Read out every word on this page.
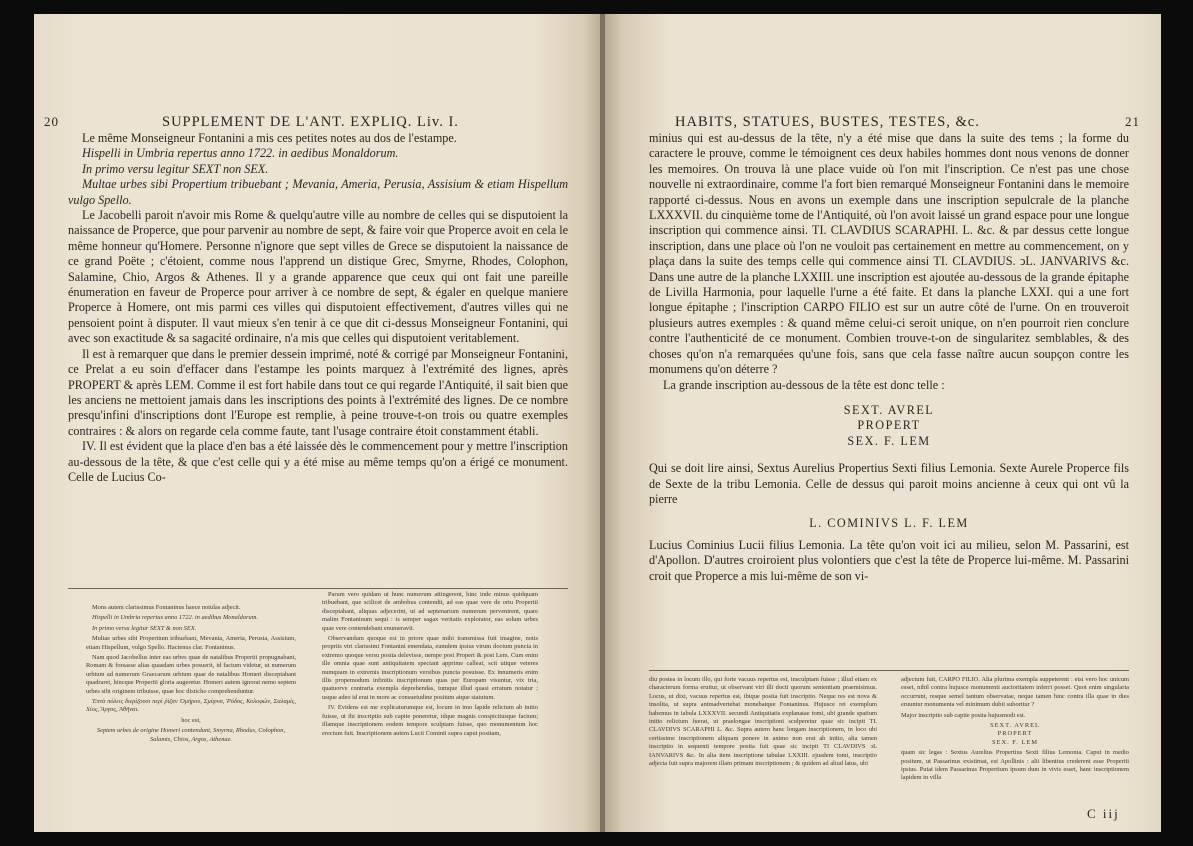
20	SUPPLEMENT DE L'ANT. EXPLIQ. Liv. I.

Le même Monseigneur Fontanini a mis ces petites notes au dos de l'estampe.

Hispelli in Umbria repertus anno 1722. in aedibus Monaldorum.

In primo versu legitur SEXT non SEX.

Multae urbes sibi Propertium tribuebant ; Mevania, Ameria, Perusia, Assisium & etiam Hispellum vulgo Spello.

Le Jacobelli paroit n'avoir mis Rome & quelqu'autre ville au nombre de celles qui se disputoient la naissance de Properce, que pour parvenir au nombre de sept, & faire voir que Properce avoit en cela le même honneur qu'Homere. Personne n'ignore que sept villes de Grece se disputoient la naissance de ce grand Poëte ; c'étoient, comme nous l'apprend un distique Grec, Smyrne, Rhodes, Colophon, Salamine, Chio, Argos & Athenes. Il y a grande apparence que ceux qui ont fait une pareille énumeration en faveur de Properce pour arriver à ce nombre de sept, & égaler en quelque maniere Properce à Homere, ont mis parmi ces villes qui disputoient effectivement, d'autres villes qui ne pensoient point à disputer. Il vaut mieux s'en tenir à ce que dit ci-dessus Monseigneur Fontanini, qui avec son exactitude & sa sagacité ordinaire, n'a mis que celles qui disputoient veritablement.

Il est à remarquer que dans le premier dessein imprimé, noté & corrigé par Monseigneur Fontanini, ce Prelat a eu soin d'effacer dans l'estampe les points marquez à l'extrémité des lignes, après PROPERT & après LEM. Comme il est fort habile dans tout ce qui regarde l'Antiquité, il sait bien que les anciens ne mettoient jamais dans les inscriptions des points à l'extrémité des lignes. De ce nombre presqu'infini d'inscriptions dont l'Europe est remplie, à peine trouve-t-on trois ou quatre exemples contraires : & alors on regarde cela comme faute, tant l'usage contraire étoit constamment établi.

IV. Il est évident que la place d'en bas a été laissée dès le commencement pour y mettre l'inscription au-dessous de la tête, & que c'est celle qui y a été mise au même temps qu'on a érigé ce monument. Celle de Lucius Co-

Mons autem clarissimus Fontaninus haece notulas adjecit.

Hispelli in Umbria repertus anno 1722. in aedibus Monaldorum.

In primo versu legitur SEXT & non SEX.

Multae urbes sibi Propertium tribuebant, Mevania, Ameria, Perusia, Assisium, etiam Hispellum, vulgo Spello. Hactenus clar. Fontaninus.

Nam quod Jacobellus inter eas urbes quae de natalibus Propertii propugnabant, Romam & forsasse alias quasdam urbes posuerit, id factum videtur, ut numerum urbium ad numerum Graecarum urbium quae de natalibus Homeri disceptabant quadraret, hincque Propertii gloria augeretur. Homeri autem ignorat nemo septem urbes sibi originem tribuisse, quae hoc disticho comprehenduntur.

Ἑπτὰ πόλεις διερίζουσι περὶ ῥίζαν Ὁμήρου, Σμύρνα, Ῥόδος, Κολοφών, Σαλαμίς, Χίος, Ἄργος, Ἀθῆναι.

hoc est,

Septem urbes de origine Homeri contendunt, Smyrna, Rhodus, Colophon, Salamis, Chios, Argos, Athenae.

Parum vero quidam ut hunc numerum attingerent, hinc inde minus quidquam tribuebant, que scilicet de ambobus contendit, ad eas quae vere de ortu Propertii disceptabant, aliquas adjecerint, ut ad septenarium numerum pervenirent, quare malim Fontaninum sequi : is semper sagax veritatis explorator, eas solum urbes quae vere contendebant enumeravit.

Observandum quoque est in priore quae mihi transmissa fuit imagine, notis propriis viri clarissimi Fontanini emendata, eumdem ipsius virum doctum puncta in extremo quoque versu posita delevisse, nempe post Propert & post Lem. Cum enim ille omnia quae sunt antiquitatem spectant apprime calleat, scit utique veteres numquam in extremis inscriptionum versibus puncta posuisse. Ex innumeris enim illis propemodum infinitis inscriptionum quas per Europam visuntur, vix tria, quatuorve contraria exempla deprehendas, tumque illud quasi erratum notatur ; usque adeo id erat in more ac consuetudine positum atque statutum.

IV. Evidens est me explicaturumque est, locum in imo lapide relictum ab initio fuisse, ut ibi inscriptio sub capite poneretur, idque magnis conspicitusque factum; illamque inscriptionem eodem tempore sculptam fuisse, quo monumentum hoc erectum fuit. Inscriptionem autem Lucii Cominii supra caput positam,

HABITS, STATUES, BUSTES, TESTES, &c.	21

minius qui est au-dessus de la tête, n'y a été mise que dans la suite des tems ; la forme du caractere le prouve, comme le témoignent ces deux habiles hommes dont nous venons de donner les memoires. On trouva là une place vuide où l'on mit l'inscription. Ce n'est pas une chose nouvelle ni extraordinaire, comme l'a fort bien remarqué Monseigneur Fontanini dans le memoire rapporté ci-dessus. Nous en avons un exemple dans une inscription sepulcrale de la planche LXXXVII. du cinquième tome de l'Antiquité, où l'on avoit laissé un grand espace pour une longue inscription qui commence ainsi. TI. CLAVDIUS SCARAPHI. L. &c. & par dessus cette longue inscription, dans une place où l'on ne vouloit pas certainement en mettre au commencement, on y plaça dans la suite des temps celle qui commence ainsi TI. CLAVDIUS. ↄL. JANVARIVS &c. Dans une autre de la planche LXXIII. une inscription est ajoutée au-dessous de la grande épitaphe de Livilla Harmonia, pour laquelle l'urne a été faite. Et dans la planche LXXI. qui a une fort longue épitaphe ; l'inscription CARPO FILIO est sur un autre côté de l'urne. On en trouveroit plusieurs autres exemples : & quand même celui-ci seroit unique, on n'en pourroit rien conclure contre l'authenticité de ce monument. Combien trouve-t-on de singularitez semblables, & des choses qu'on n'a remarquées qu'une fois, sans que cela fasse naître aucun soupçon contre les monumens qu'on déterre ?

La grande inscription au-dessous de la tête est donc telle :

SEXT. AVREL

PROPERT

SEX. F. LEM

Qui se doit lire ainsi, Sextus Aurelius Propertius Sexti filius Lemonia. Sexte Aurele Properce fils de Sexte de la tribu Lemonia. Celle de dessus qui paroit moins ancienne à ceux qui ont vû la pierre

L. COMINIVS L. F. LEM

Lucius Cominius Lucii filius Lemonia. La tête qu'on voit ici au milieu, selon M. Passarini, est d'Apollon. D'autres croiroient plus volontiers que c'est la tête de Properce lui-même. M. Passarini croit que Properce a mis lui-même de son vi-

diu postea in locum illo, qui forte vacuus repertus est, insculptam fuisse ; illud etiam ex characterum forma eruitur, ut observant viri illi docti quorum sententiam praemisimus. Locus, ut dixi, vacuus repertus est, ibique posita fuit inscriptio. Neque res est nova & insolita, ut supra animadvertebat monebatque Fontaninus. Hujusce rei exemplum habemus in tabula LXXXVII. secundi Antiquitatis explanatae tomi, ubi grande spatium initio relictum fuerat, ut praelongae inscriptioni sculperetur quae sic incipit TI. CLAVDIVS SCARAPHI L. &c. Supra autem hanc longam inscriptionem, in loco ubi certissime inscriptionem aliquam ponere in animo non erat ab initio, alia tamen inscriptio in sequenti tempore posita fuit quae sic incipit TI CLAVDIVS ↄL IANVARIVS &c. In alia item inscriptione tabulae LXXIII. ejusdem tomi, inscriptio adjecta fuit supra majorem illam primam inscriptionem ; & quidem ad aliud latus, ubi

adjectum fuit, CARPO FILIO. Alia plurima exempla suppeterent : etsi vero hoc unicum esset, nihil contra hujusce monumenti auctoritatem inferri posset. Quot enim singularia occurrunt, resque semel tantum observatae, neque tamen hinc contra illa quae in dies eruuntur monumenta vel minimum dubii suboritur ?

Major inscriptio sub capite posita hujusmodi est.

SEXT. AVREL

PROPERT

SEX. F. LEM

quam sic legas : Sextus Aurelius Propertius Sexti filius Lemonia. Caput in medio positum, ut Passarinus existimat, est Apollinis : alii libentius crederent esse Propertii ipsius. Putat idem Passarinus Propertium ipsum dum in vivis esset, hanc inscriptionem lapidem in villa

C iij
